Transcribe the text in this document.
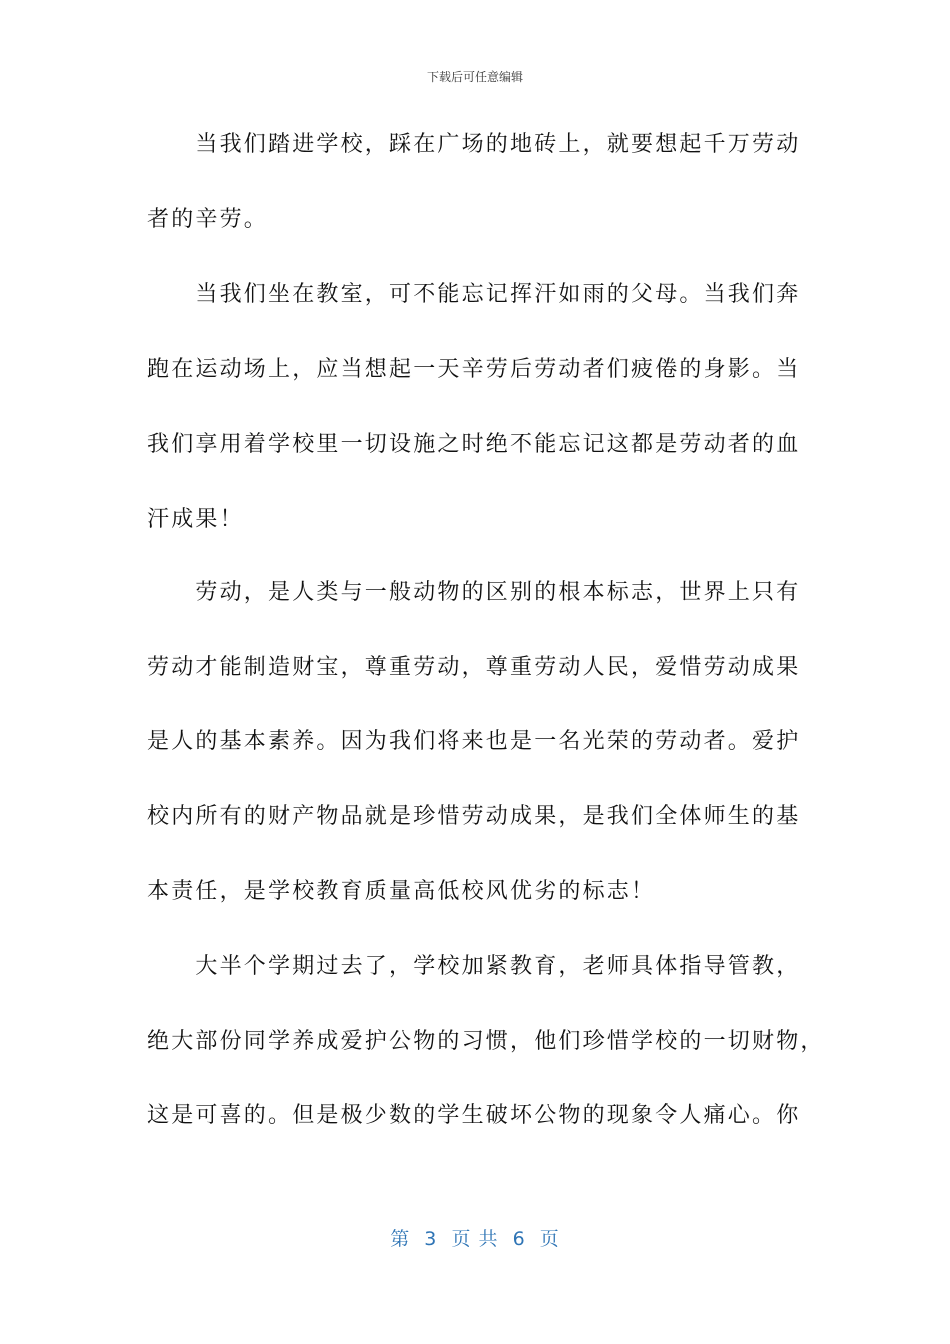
下载后可任意编辑
　　当我们踏进学校，踩在广场的地砖上，就要想起千万劳动
者的辛劳。
　　当我们坐在教室，可不能忘记挥汗如雨的父母。当我们奔
跑在运动场上，应当想起一天辛劳后劳动者们疲倦的身影。当
我们享用着学校里一切设施之时绝不能忘记这都是劳动者的血
汗成果！
　　劳动，是人类与一般动物的区别的根本标志，世界上只有
劳动才能制造财宝，尊重劳动，尊重劳动人民，爱惜劳动成果
是人的基本素养。因为我们将来也是一名光荣的劳动者。爱护
校内所有的财产物品就是珍惜劳动成果，是我们全体师生的基
本责任，是学校教育质量高低校风优劣的标志！
　　大半个学期过去了，学校加紧教育，老师具体指导管教，
绝大部份同学养成爱护公物的习惯，他们珍惜学校的一切财物，
这是可喜的。但是极少数的学生破坏公物的现象令人痛心。你
第  3  页 共  6  页
